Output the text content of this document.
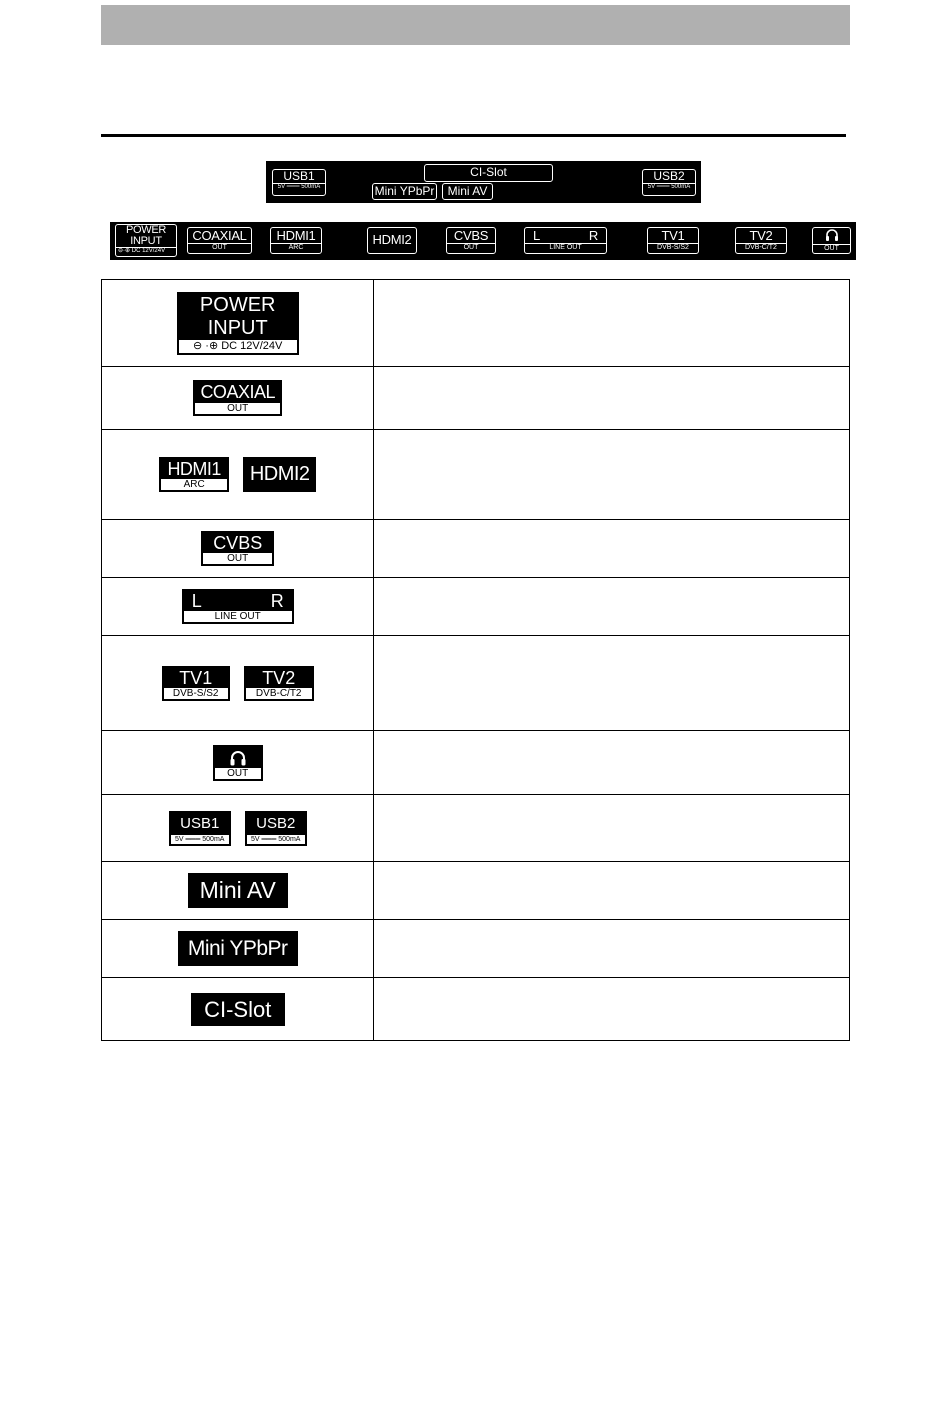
USB1
5V ═══ 500mA
CI-Slot
Mini YPbPr	Mini AV
USB2
5V ═══ 500mA
POWER
INPUT
⊖·⊕ DC 12V/24V
COAXIAL
OUT
HDMI1
ARC
HDMI2	CVBS
OUT
L	R
LINE OUT
TV1
DVB-S/S2
TV2
DVB-C/T2	OUT
POWER
INPUT
⊖ ·⊕ DC 12V/24V	

COAXIAL
OUT	

HDMI1
ARC HDMI2	

CVBS
OUT	

L R
LINE OUT	

TV1
DVB-S/S2
TV2
DVB-C/T2	

OUT	

USB1
5V ═══ 500mA
USB2
5V ═══ 500mA	

Mini AV	

Mini YPbPr	

CI-Slot	
